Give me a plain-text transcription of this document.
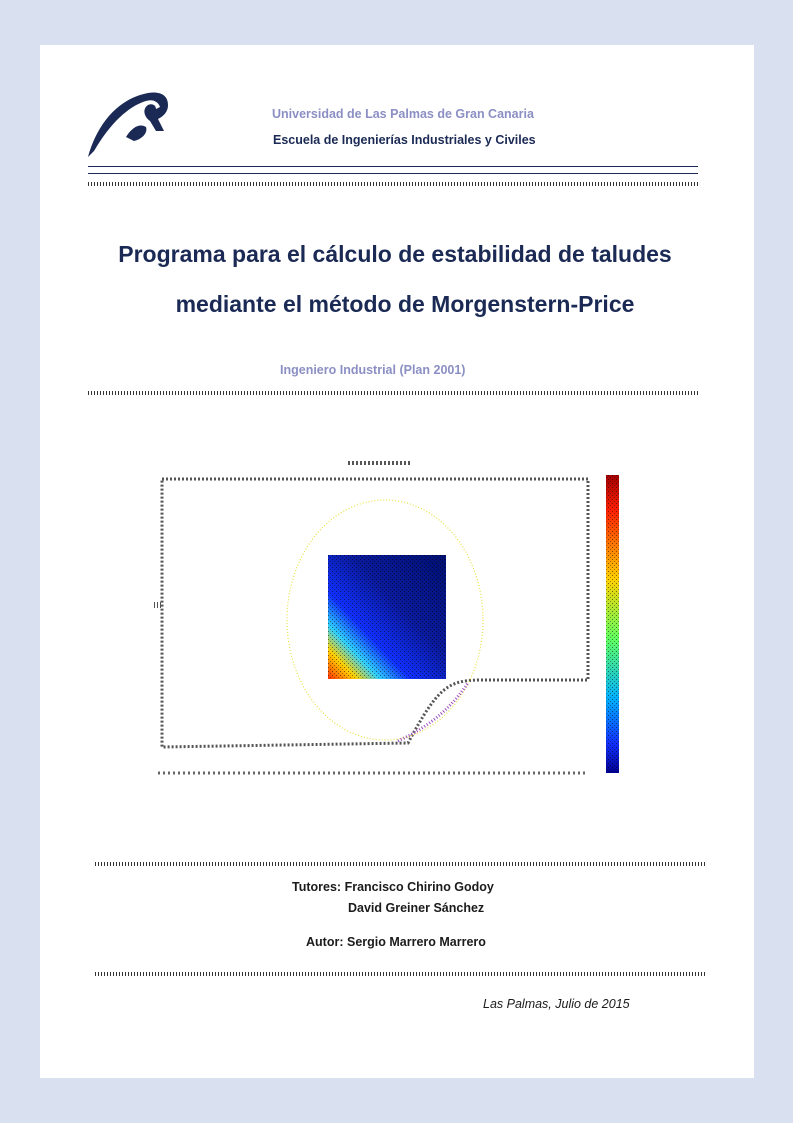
Universidad de Las Palmas de Gran Canaria
Escuela de Ingenierías Industriales y Civiles
Programa para el cálculo de estabilidad de taludes
mediante el método de Morgenstern-Price
Ingeniero Industrial (Plan 2001)
Tutores: Francisco Chirino Godoy
David Greiner Sánchez
Autor: Sergio Marrero Marrero
Las Palmas, Julio de 2015
